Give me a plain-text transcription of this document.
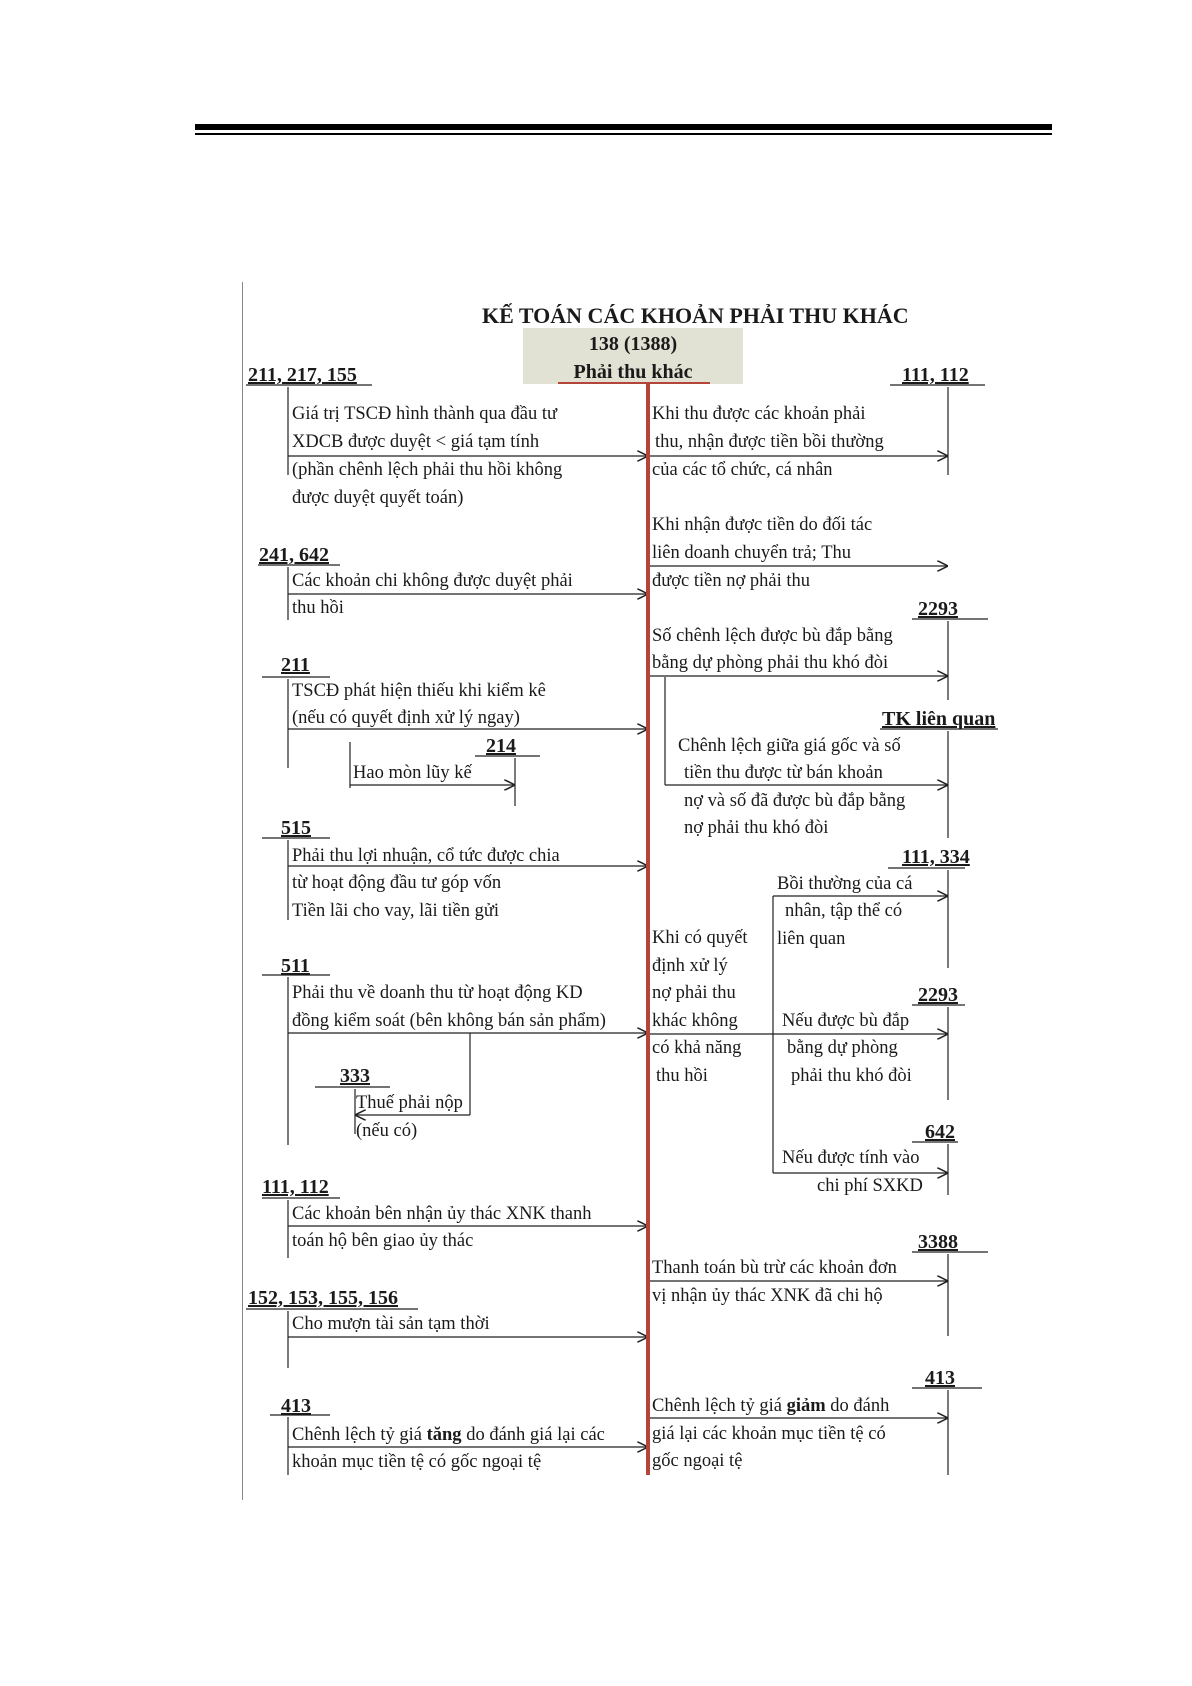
KẾ TOÁN CÁC KHOẢN PHẢI THU KHÁC
138 (1388)
Phải thu khác
211, 217, 155
241, 642
211
214
515
511
333
111, 112
152, 153, 155, 156
413
111, 112
2293
TK liên quan
111, 334
2293
642
3388
413
Giá trị TSCĐ hình thành qua đầu tư
XDCB được duyệt < giá tạm tính
(phần chênh lệch phải thu hồi không
được duyệt quyết toán)
Các khoản chi không được duyệt phải
thu hồi
TSCĐ phát hiện thiếu khi kiểm kê
(nếu có quyết định xử lý ngay)
Hao mòn lũy kế
Phải thu lợi nhuận, cổ tức được chia
từ hoạt động đầu tư góp vốn
Tiền lãi cho vay, lãi tiền gửi
Phải thu về doanh thu từ hoạt động KD
đồng kiểm soát (bên không bán sản phẩm)
Thuế phải nộp
(nếu có)
Các khoản bên nhận ủy thác XNK thanh
toán hộ bên giao ủy thác
Cho mượn tài sản tạm thời
Chênh lệch tỷ giá tăng do đánh giá lại các
khoản mục tiền tệ có gốc ngoại tệ
Khi thu được các khoản phải
thu, nhận được tiền bồi thường
của các tổ chức, cá nhân
Khi nhận được tiền do đối tác
liên doanh chuyển trả; Thu
được tiền nợ phải thu
Số chênh lệch được bù đắp bằng
bằng dự phòng phải thu khó đòi
Chênh lệch giữa giá gốc và số
tiền thu được từ bán khoản
nợ và số đã được bù đắp bằng
nợ phải thu khó đòi
Khi có quyết
định xử lý
nợ phải thu
khác không
có khả năng
thu hồi
Bồi thường của cá
nhân, tập thể có
liên quan
Nếu được bù đắp
bằng dự phòng
phải thu khó đòi
Nếu được tính vào
chi phí SXKD
Thanh toán bù trừ các khoản đơn
vị nhận ủy thác XNK đã chi hộ
Chênh lệch tỷ giá giảm do đánh
giá lại các khoản mục tiền tệ có
gốc ngoại tệ
